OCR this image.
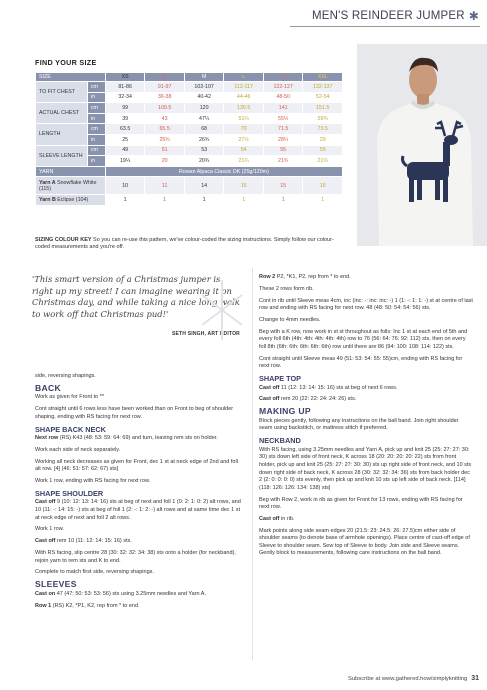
MEN'S REINDEER JUMPER ✱
FIND YOUR SIZE
SIZE		XS	S	M	L	XL	XXL
TO FIT CHEST	cm	81-86	91-97	102-107	112-117	122-127	132-137
	in	32-34	36-38	40-42	44-46	48-50	52-54
ACTUAL CHEST	cm	99	109.5	120	130.5	141	151.5
	in	39	43	47¼	51¼	55½	59¾
LENGTH	cm	63.5	65.5	68	70	71.5	73.5
	in	25	25¾	26¾	27½	28¼	29
SLEEVE LENGTH	cm	49	51	53	54	55	55
	in	19¼	20	20¾	21¼	21¾	21¾
YARN		Rowan Alpaca Classic DK (25g/120m)					
Yarn A Snowflake White (115)		10	11	14	15	15	16
Yarn B Eclipse (104)		1	1	1	1	1	1
SIZING COLOUR KEY So you can re-use this pattern, we've colour-coded the sizing instructions. Simply follow our colour-coded measurements and you're off.
'This smart version of a Christmas jumper is right up my street! I can imagine wearing it on Christmas day, and while taking a nice long walk to work off that Christmas pud!'
SETH SINGH, ART EDITOR

side, reversing shapings.

BACK

Work as given for Front to **

Cont straight until 6 rows less have been worked than on Front to beg of shoulder shaping, ending with RS facing for next row.

SHAPE BACK NECK

Next row (RS) K43 (48: 53: 59: 64: 69) and turn, leaving rem sts on holder.

Work each side of neck separately.

Working all neck decreases as given for Front, dec 1 st at neck edge of 2nd and foll alt row. [4] (46: 51: 57: 62: 67) sts]

Work 1 row, ending with RS facing for next row.

SHAPE SHOULDER

Cast off 9 (10: 12: 13: 14: 16) sts at beg of next and foll 1 (0: 2: 1: 0: 2) alt rows, and 10 (11: -: 14: 15: -) sts at beg of foll 1 (2: -: 1: 2: -) alt rows and at same time dec 1 st at neck edge of next and foll 2 alt rows.

Work 1 row.

Cast off rem 10 (11: 12: 14: 15: 16) sts.

With RS facing, slip centre 28 (30: 32: 32: 34: 38) sts onto a holder (for neckband), rejoin yarn to rem sts and K to end.

Complete to match first side, reversing shapings.

SLEEVES

Cast on 47 (47: 50: 53: 53: 56) sts using 3.25mm needles and Yarn A.

Row 1 (RS) K2, *P1, K2, rep from * to end.

Row 2 P2, *K1, P2, rep from * to end.

These 2 rows form rib.

Cont in rib until Sleeve meas 4cm, inc (inc: -: inc: inc: -) 1 (1: -: 1: 1: -) st at centre of last row and ending with RS facing for next row. 48 (48: 50: 54: 54: 56) sts.

Change to 4mm needles.

Beg with a K row, now work in st st throughout as folls: Inc 1 st at each end of 5th and every foll 6th (4th: 4th: 4th: 4th: 4th) row to 76 (56: 64: 76: 92: 112) sts, then on every foll 8th (6th: 6th: 6th: 6th: 6th) row until there are 86 (94: 100: 108: 114: 122) sts.

Cont straight until Sleeve meas 49 (51: 53: 54: 55: 55)cm, ending with RS facing for next row.

SHAPE TOP

Cast off 11 (12: 13: 14: 15: 16) sts at beg of next 6 rows.

Cast off rem 20 (22: 22: 24: 24: 26) sts.

MAKING UP

Block pieces gently, following any instructions on the ball band. Join right shoulder seam using backstitch, or mattress stitch if preferred.

NECKBAND

With RS facing, using 3.25mm needles and Yarn A, pick up and knit 25 (25: 27: 27: 30: 30) sts down left side of front neck, K across 18 (20: 20: 20: 20: 22) sts from front holder, pick up and knit 25 (25: 27: 27: 30: 30) sts up right side of front neck, and 10 sts down right side of back neck, K across 28 (30: 32: 32: 34: 36) sts from back holder dec 2 (2: 0: 0: 0: 0) sts evenly, then pick up and knit 10 sts up left side of back neck. [114] (118: 126: 126: 134: 138) sts]

Beg with Row 2, work in rib as given for Front for 13 rows, ending with RS facing for next row.

Cast off in rib.

Mark points along side seam edges 20 (21.5: 23: 24.5: 26: 27.5)cm either side of shoulder seams (to denote base of armhole openings). Place centre of cast-off edge of Sleeve to shoulder seam. Sew top of Sleeve to body. Join side and Sleeve seams. Gently block to measurements, following care instructions on the ball band.

Subscribe at www.gathered.how/simplyknitting 31
